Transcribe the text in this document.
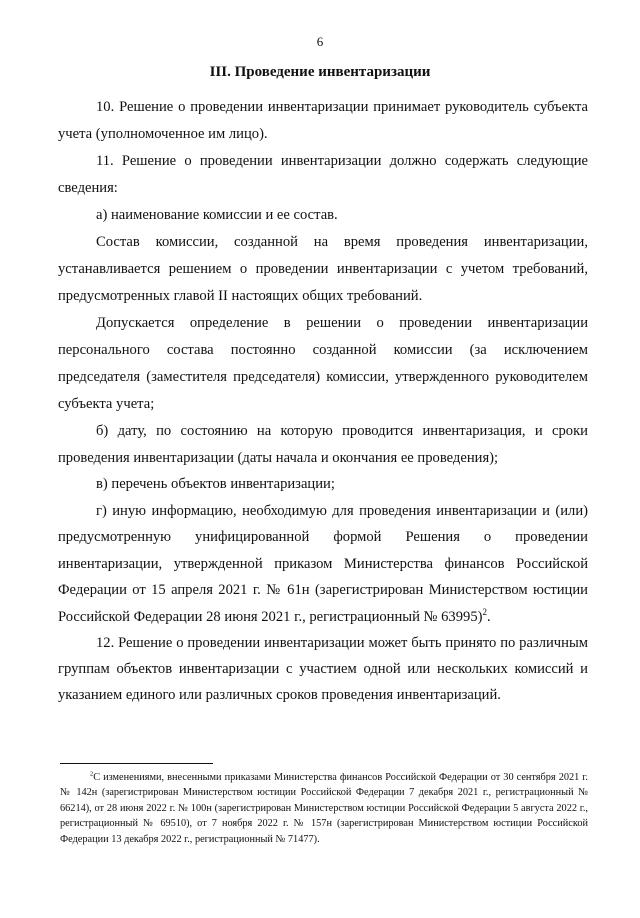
6
III. Проведение инвентаризации

10. Решение о проведении инвентаризации принимает руководитель субъекта учета (уполномоченное им лицо).

11. Решение о проведении инвентаризации должно содержать следующие сведения:

а) наименование комиссии и ее состав.

Состав комиссии, созданной на время проведения инвентаризации, устанавливается решением о проведении инвентаризации с учетом требований, предусмотренных главой II настоящих общих требований.

Допускается определение в решении о проведении инвентаризации персонального состава постоянно созданной комиссии (за исключением председателя (заместителя председателя) комиссии, утвержденного руководителем субъекта учета;

б) дату, по состоянию на которую проводится инвентаризация, и сроки проведения инвентаризации (даты начала и окончания ее проведения);

в) перечень объектов инвентаризации;

г) иную информацию, необходимую для проведения инвентаризации и (или) предусмотренную унифицированной формой Решения о проведении инвентаризации, утвержденной приказом Министерства финансов Российской Федерации от 15 апреля 2021 г. № 61н (зарегистрирован Министерством юстиции Российской Федерации 28 июня 2021 г., регистрационный № 63995)$^2$.

12. Решение о проведении инвентаризации может быть принято по различным группам объектов инвентаризации с участием одной или нескольких комиссий и указанием единого или различных сроков проведения инвентаризаций.

$^2$С изменениями, внесенными приказами Министерства финансов Российской Федерации от 30 сентября 2021 г. № 142н (зарегистрирован Министерством юстиции Российской Федерации 7 декабря 2021 г., регистрационный № 66214), от 28 июня 2022 г. № 100н (зарегистрирован Министерством юстиции Российской Федерации 5 августа 2022 г., регистрационный № 69510), от 7 ноября 2022 г. № 157н (зарегистрирован Министерством юстиции Российской Федерации 13 декабря 2022 г., регистрационный № 71477).
